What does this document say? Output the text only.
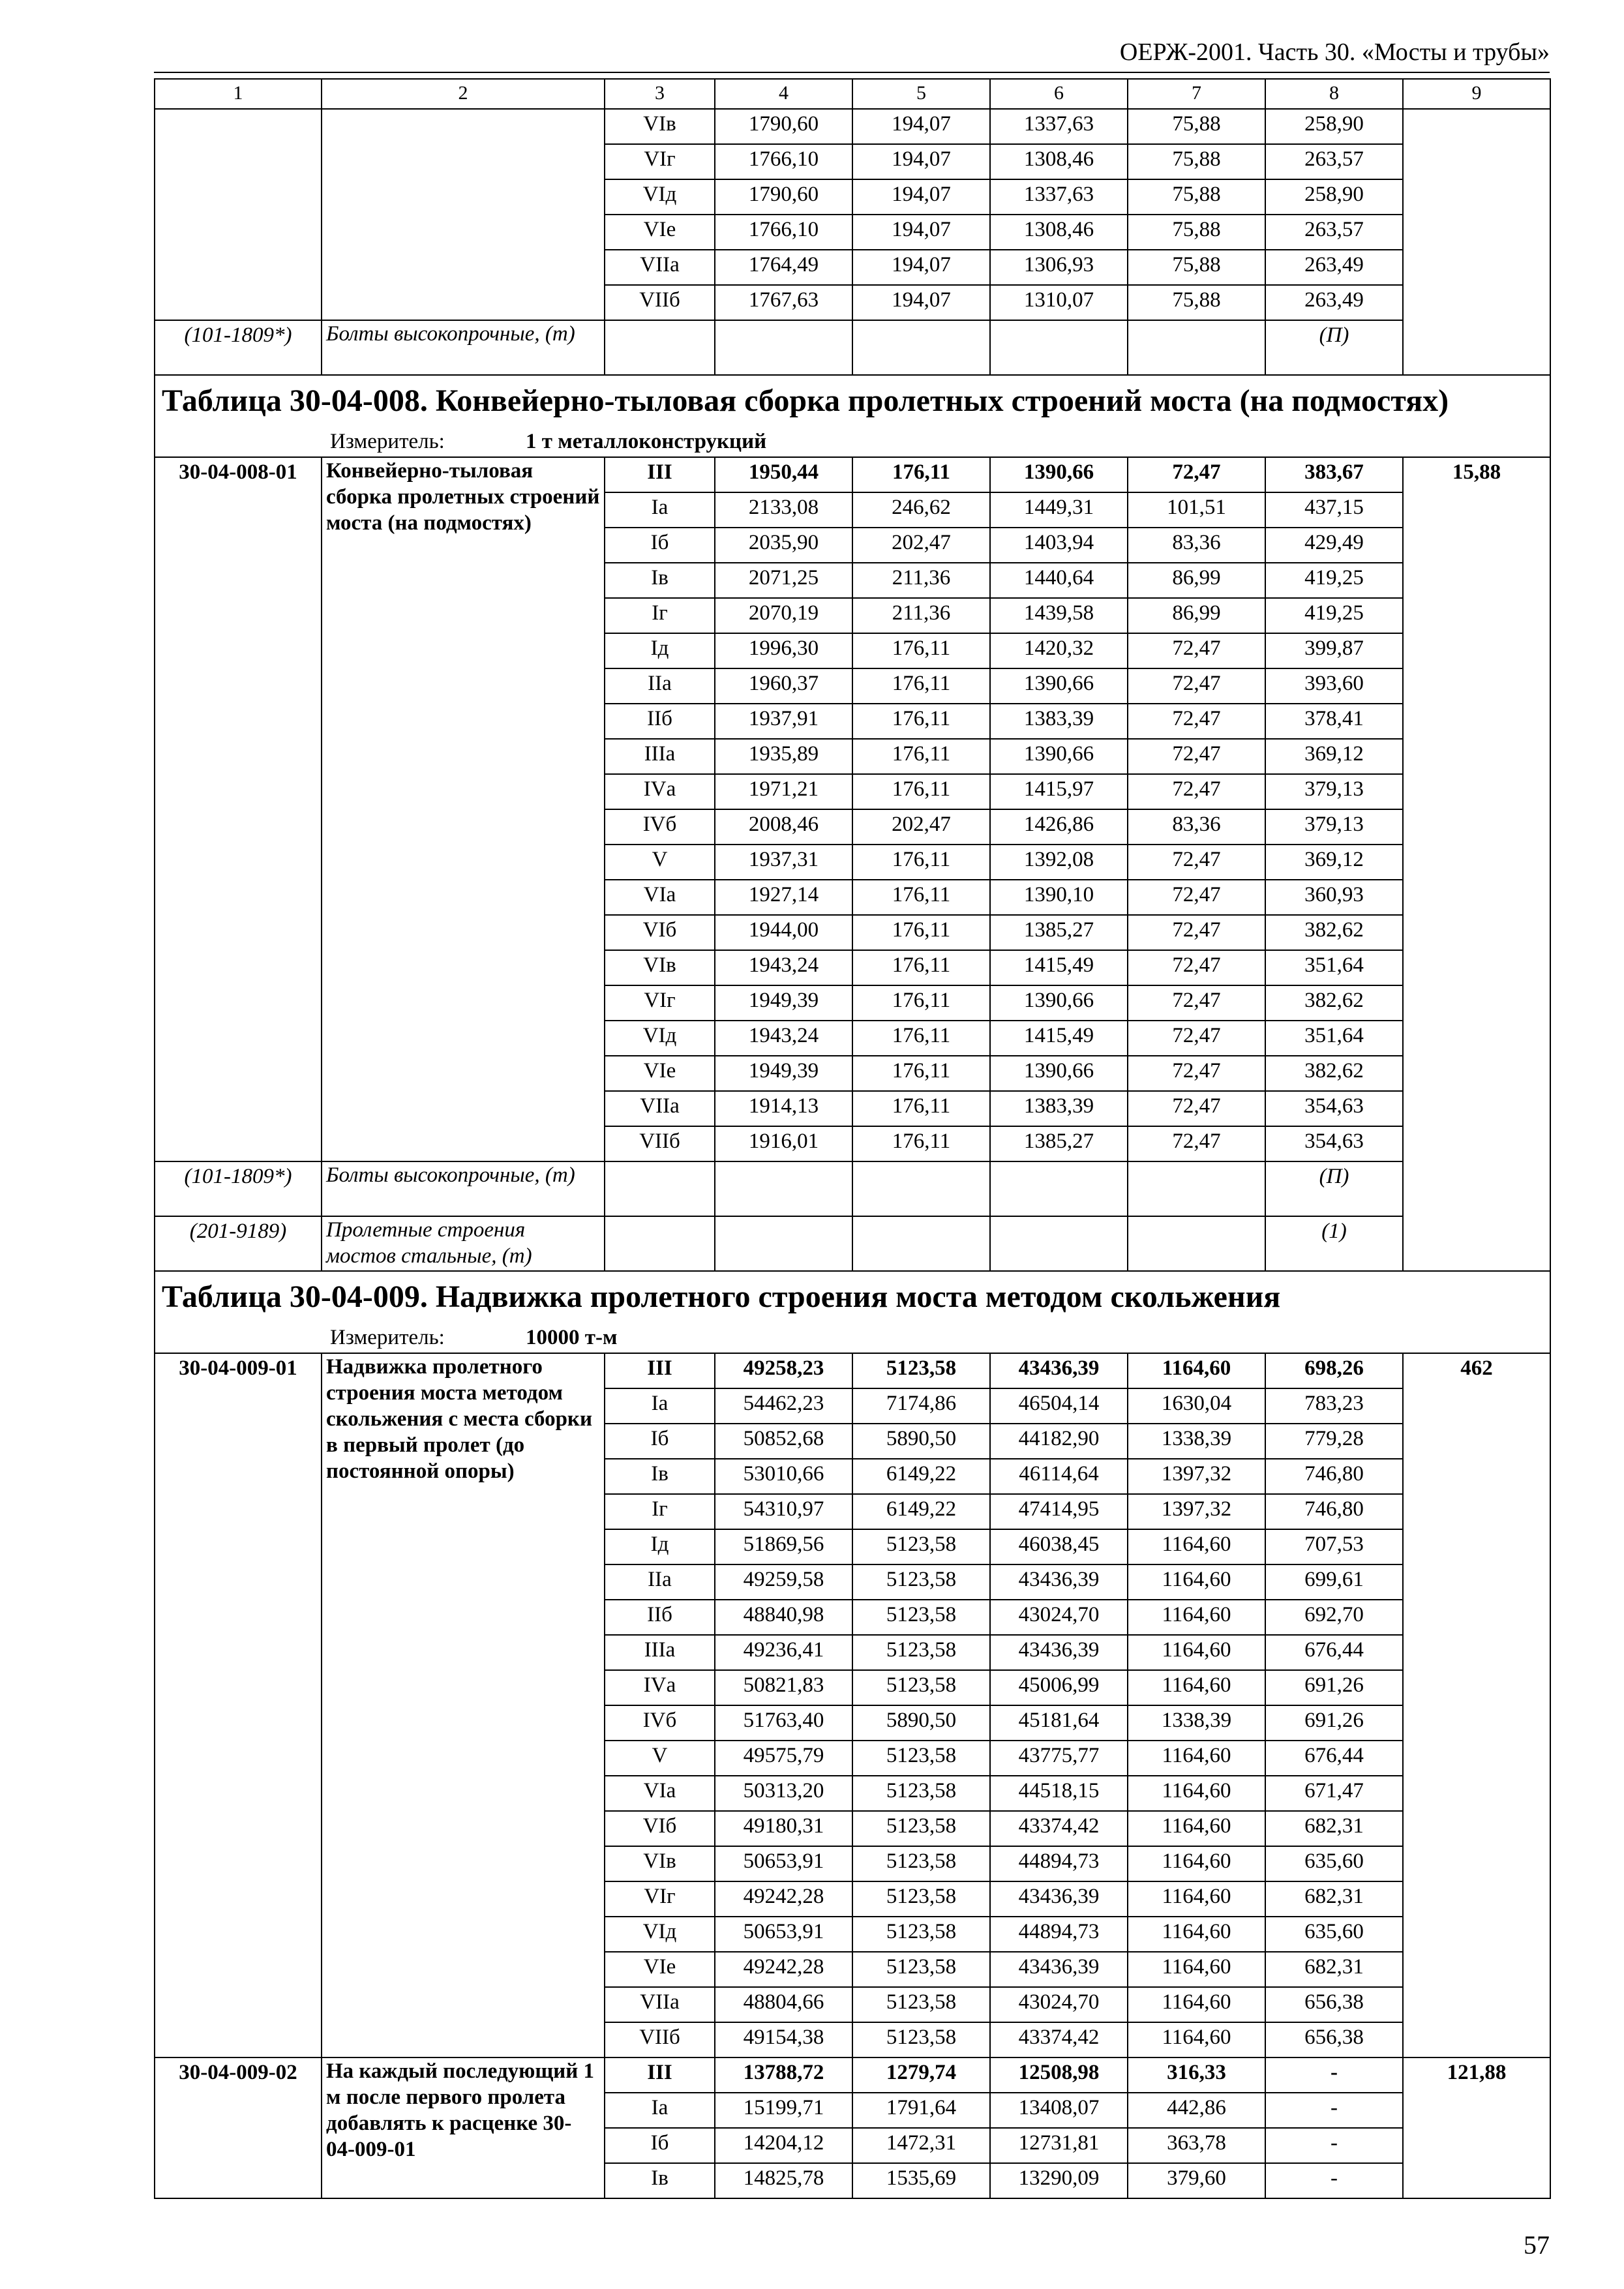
ОЕРЖ-2001. Часть 30. «Мосты и трубы»
1	2	3	4	5	6	7	8	9
		VIв	1790,60	194,07	1337,63	75,88	258,90	
		VIг	1766,10	194,07	1308,46	75,88	263,57	
		VIд	1790,60	194,07	1337,63	75,88	258,90	
		VIе	1766,10	194,07	1308,46	75,88	263,57	
		VIIа	1764,49	194,07	1306,93	75,88	263,49	
		VIIб	1767,63	194,07	1310,07	75,88	263,49	
(101-1809*)	Болты высокопрочные, (т)						(П)	
Таблица 30-04-008. Конвейерно-тыловая сборка пролетных строений моста (на подмостях)								
Измеритель: 1 т металлоконструкций								
30-04-008-01	Конвейерно-тыловая сборка пролетных строений моста (на подмостях)	III	1950,44	176,11	1390,66	72,47	383,67	15,88
		Iа	2133,08	246,62	1449,31	101,51	437,15	
		Iб	2035,90	202,47	1403,94	83,36	429,49	
		Iв	2071,25	211,36	1440,64	86,99	419,25	
		Iг	2070,19	211,36	1439,58	86,99	419,25	
		Iд	1996,30	176,11	1420,32	72,47	399,87	
		IIа	1960,37	176,11	1390,66	72,47	393,60	
		IIб	1937,91	176,11	1383,39	72,47	378,41	
		IIIа	1935,89	176,11	1390,66	72,47	369,12	
		IVа	1971,21	176,11	1415,97	72,47	379,13	
		IVб	2008,46	202,47	1426,86	83,36	379,13	
		V	1937,31	176,11	1392,08	72,47	369,12	
		VIа	1927,14	176,11	1390,10	72,47	360,93	
		VIб	1944,00	176,11	1385,27	72,47	382,62	
		VIв	1943,24	176,11	1415,49	72,47	351,64	
		VIг	1949,39	176,11	1390,66	72,47	382,62	
		VIд	1943,24	176,11	1415,49	72,47	351,64	
		VIе	1949,39	176,11	1390,66	72,47	382,62	
		VIIа	1914,13	176,11	1383,39	72,47	354,63	
		VIIб	1916,01	176,11	1385,27	72,47	354,63	
(101-1809*)	Болты высокопрочные, (т)						(П)	
(201-9189)	Пролетные строения мостов стальные, (т)						(1)	
Таблица 30-04-009. Надвижка пролетного строения моста методом скольжения								
Измеритель: 10000 т-м								
30-04-009-01	Надвижка пролетного строения моста методом скольжения с места сборки в первый пролет (до постоянной опоры)	III	49258,23	5123,58	43436,39	1164,60	698,26	462
		Iа	54462,23	7174,86	46504,14	1630,04	783,23	
		Iб	50852,68	5890,50	44182,90	1338,39	779,28	
		Iв	53010,66	6149,22	46114,64	1397,32	746,80	
		Iг	54310,97	6149,22	47414,95	1397,32	746,80	
		Iд	51869,56	5123,58	46038,45	1164,60	707,53	
		IIа	49259,58	5123,58	43436,39	1164,60	699,61	
		IIб	48840,98	5123,58	43024,70	1164,60	692,70	
		IIIа	49236,41	5123,58	43436,39	1164,60	676,44	
		IVа	50821,83	5123,58	45006,99	1164,60	691,26	
		IVб	51763,40	5890,50	45181,64	1338,39	691,26	
		V	49575,79	5123,58	43775,77	1164,60	676,44	
		VIа	50313,20	5123,58	44518,15	1164,60	671,47	
		VIб	49180,31	5123,58	43374,42	1164,60	682,31	
		VIв	50653,91	5123,58	44894,73	1164,60	635,60	
		VIг	49242,28	5123,58	43436,39	1164,60	682,31	
		VIд	50653,91	5123,58	44894,73	1164,60	635,60	
		VIе	49242,28	5123,58	43436,39	1164,60	682,31	
		VIIа	48804,66	5123,58	43024,70	1164,60	656,38	
		VIIб	49154,38	5123,58	43374,42	1164,60	656,38	
30-04-009-02	На каждый последующий 1 м после первого пролета добавлять к расценке 30-04-009-01	III	13788,72	1279,74	12508,98	316,33	-	121,88
		Iа	15199,71	1791,64	13408,07	442,86	-	
		Iб	14204,12	1472,31	12731,81	363,78	-	
		Iв	14825,78	1535,69	13290,09	379,60	-	
57
